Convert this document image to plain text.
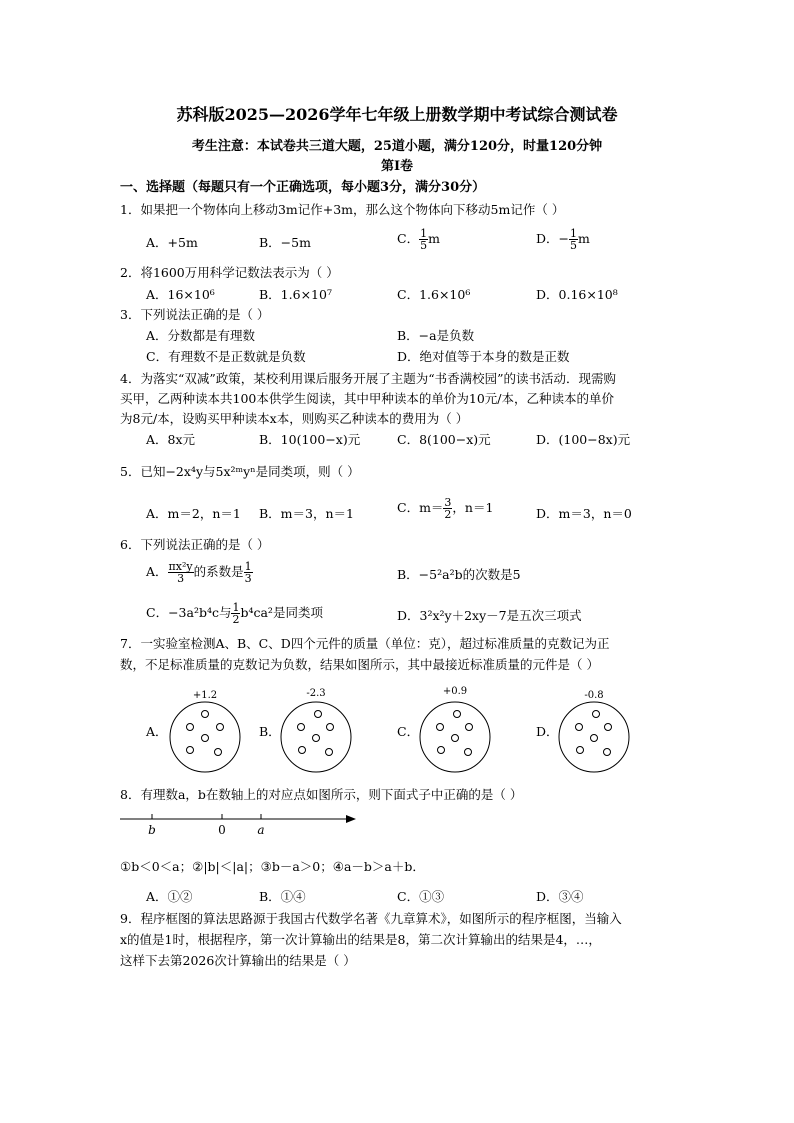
苏科版2025—2026学年七年级上册数学期中考试综合测试卷
考生注意：本试卷共三道大题，25道小题，满分120分，时量120分钟
第Ⅰ卷
一、选择题（每题只有一个正确选项，每小题3分，满分30分）
1．如果把一个物体向上移动3m记作+3m，那么这个物体向下移动5m记作（ ）
A．+5m	B．−5m	C． $\frac{1}{5}$ m	D．− $\frac{1}{5}$ m
2．将1600万用科学记数法表示为（ ）
A．16×10⁶	B．1.6×10⁷	C．1.6×10⁶	D．0.16×10⁸
3．下列说法正确的是（ ）
A．分数都是有理数	B．−a是负数
C．有理数不是正数就是负数	D．绝对值等于本身的数是正数
4．为落实“双减”政策，某校利用课后服务开展了主题为“书香满校园”的读书活动．现需购
买甲，乙两种读本共100本供学生阅读，其中甲种读本的单价为10元/本，乙种读本的单价
为8元/本，设购买甲种读本x本，则购买乙种读本的费用为（ ）
A．8x元	B．10(100−x)元	C．8(100−x)元	D．(100−8x)元
5．已知−2x⁴y与5x²ᵐyⁿ是同类项，则（ ）
A．m＝2，n＝1 B．m＝3，n＝1	C．$m= \frac{3}{2}$ ，n＝1	D．m＝3，n＝0
6．下列说法正确的是（ ）
A． $\frac{\text{πx²y}}{3}$ 的系数是 $\frac{1}{3}$	B．−5²a²b的次数是5
C．−3a²b⁴c与 $\frac{1}{2} b^4ca^2$是同类项	D．3²x²y＋2xy－7是五次三项式
7．一实验室检测A、B、C、D四个元件的质量（单位：克），超过标准质量的克数记为正
数，不足标准质量的克数记为负数，结果如图所示，其中最接近标准质量的元件是（ ）
A．	B．	C．	D．
+1.2	-2.3	+0.9	-0.8
8．有理数a，b在数轴上的对应点如图所示，则下面式子中正确的是（ ）
b	0	a
①b＜0＜a；②|b|＜|a|；③b－a＞0；④a－b＞a＋b．
A．①②	B．①④	C．①③	D．③④
9．程序框图的算法思路源于我国古代数学名著《九章算术》，如图所示的程序框图，当输入
x的值是1时，根据程序，第一次计算输出的结果是8，第二次计算输出的结果是4，…，
这样下去第2026次计算输出的结果是（ ）
